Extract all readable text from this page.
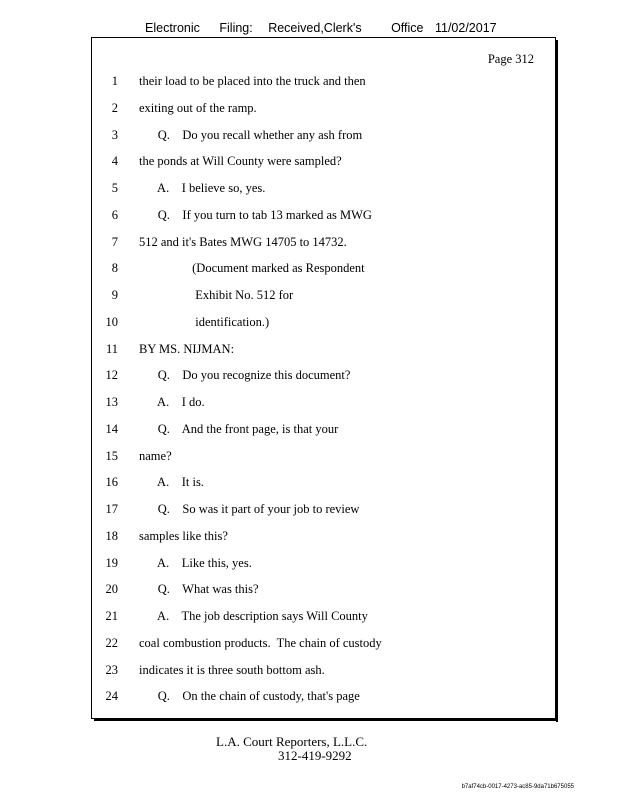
Electronic Filing: Received,Clerk's Office 11/02/2017
Page 312
1 their load to be placed into the truck and then
2 exiting out of the ramp.
3 Q.    Do you recall whether any ash from
4 the ponds at Will County were sampled?
5 A.    I believe so, yes.
6 Q.    If you turn to tab 13 marked as MWG
7 512 and it's Bates MWG 14705 to 14732.
8 (Document marked as Respondent
9 Exhibit No. 512 for
10 identification.)
11 BY MS. NIJMAN:
12 Q.    Do you recognize this document?
13 A.    I do.
14 Q.    And the front page, is that your
15 name?
16 A.    It is.
17 Q.    So was it part of your job to review
18 samples like this?
19 A.    Like this, yes.
20 Q.    What was this?
21 A.    The job description says Will County
22 coal combustion products.  The chain of custody
23 indicates it is three south bottom ash.
24 Q.    On the chain of custody, that's page
L.A. Court Reporters, L.L.C.
312-419-9292
b7af74cb-0017-4273-ac85-9da71b675055
